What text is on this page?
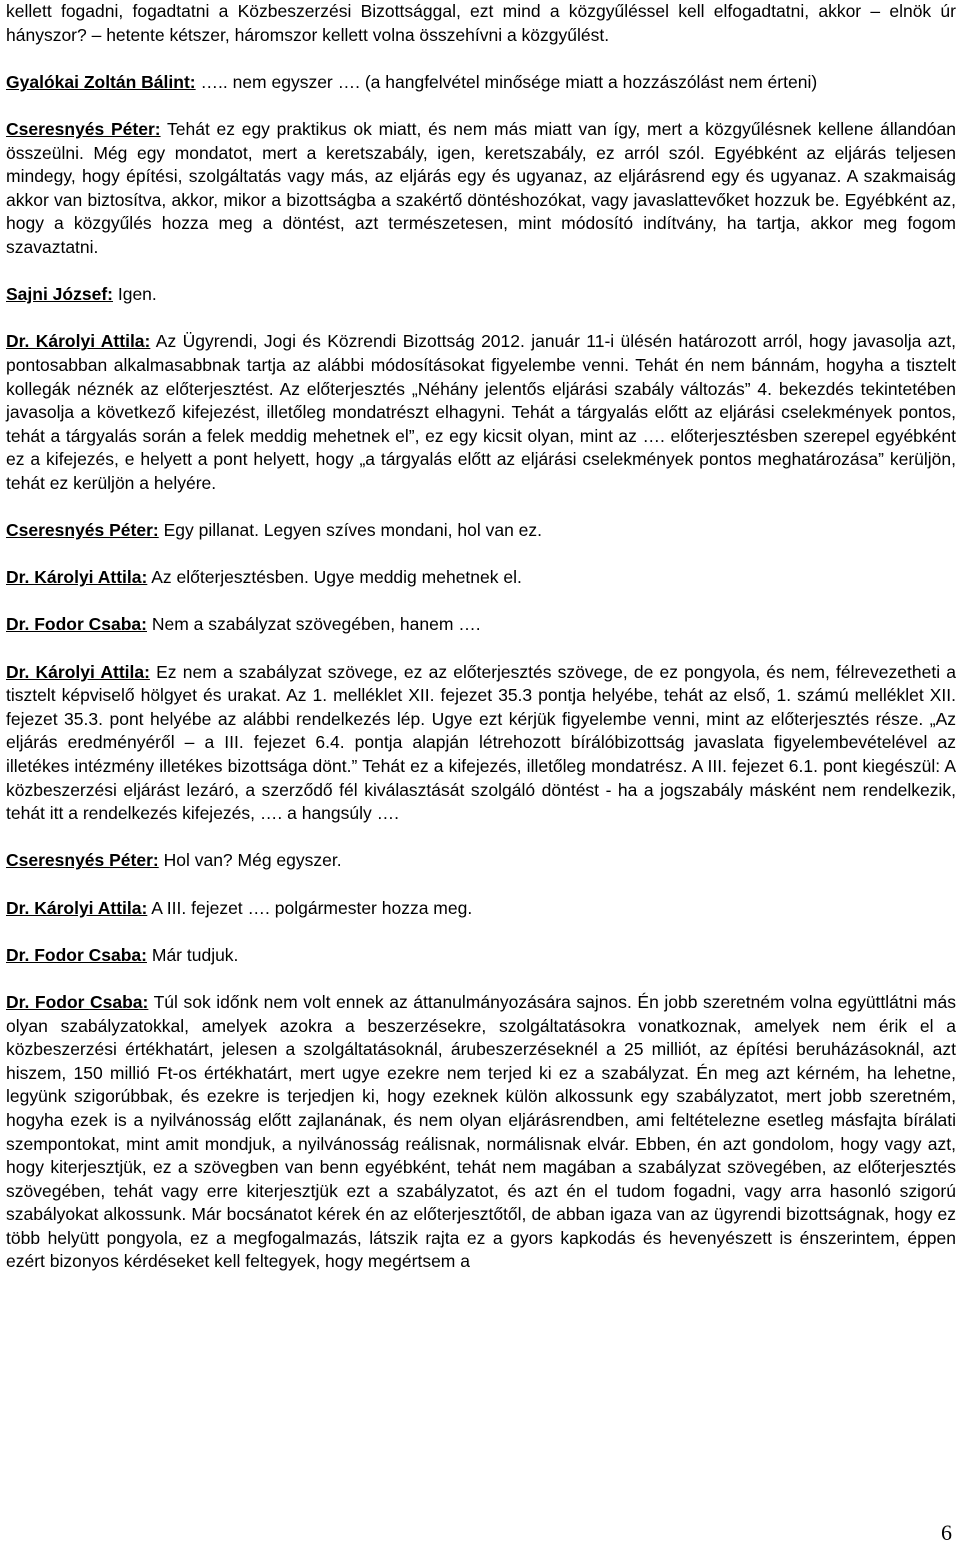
kellett fogadni, fogadtatni a Közbeszerzési Bizottsággal, ezt mind a közgyűléssel kell elfogadtatni, akkor – elnök úr hányszor? – hetente kétszer, háromszor kellett volna összehívni a közgyűlést.

Gyalókai Zoltán Bálint: ….. nem egyszer …. (a hangfelvétel minősége miatt a hozzászólást nem érteni)

Cseresnyés Péter: Tehát ez egy praktikus ok miatt, és nem más miatt van így, mert a közgyűlésnek kellene állandóan összeülni. Még egy mondatot, mert a keretszabály, igen, keretszabály, ez arról szól. Egyébként az eljárás teljesen mindegy, hogy építési, szolgáltatás vagy más, az eljárás egy és ugyanaz, az eljárásrend egy és ugyanaz. A szakmaiság akkor van biztosítva, akkor, mikor a bizottságba a szakértő döntéshozókat, vagy javaslattevőket hozzuk be. Egyébként az, hogy a közgyűlés hozza meg a döntést, azt természetesen, mint módosító indítvány, ha tartja, akkor meg fogom szavaztatni.

Sajni József: Igen.

Dr. Károlyi Attila: Az Ügyrendi, Jogi és Közrendi Bizottság 2012. január 11-i ülésén határozott arról, hogy javasolja azt, pontosabban alkalmasabbnak tartja az alábbi módosításokat figyelembe venni. Tehát én nem bánnám, hogyha a tisztelt kollegák néznék az előterjesztést. Az előterjesztés „Néhány jelentős eljárási szabály változás” 4. bekezdés tekintetében javasolja a következő kifejezést, illetőleg mondatrészt elhagyni. Tehát a tárgyalás előtt az eljárási cselekmények pontos, tehát a tárgyalás során a felek meddig mehetnek el”, ez egy kicsit olyan, mint az …. előterjesztésben szerepel egyébként ez a kifejezés, e helyett a pont helyett, hogy „a tárgyalás előtt az eljárási cselekmények pontos meghatározása” kerüljön, tehát ez kerüljön a helyére.

Cseresnyés Péter: Egy pillanat. Legyen szíves mondani, hol van ez.

Dr. Károlyi Attila: Az előterjesztésben. Ugye meddig mehetnek el.

Dr. Fodor Csaba: Nem a szabályzat szövegében, hanem ….

Dr. Károlyi Attila: Ez nem a szabályzat szövege, ez az előterjesztés szövege, de ez pongyola, és nem, félrevezetheti a tisztelt képviselő hölgyet és urakat. Az 1. melléklet XII. fejezet 35.3 pontja helyébe, tehát az első, 1. számú melléklet XII. fejezet 35.3. pont helyébe az alábbi rendelkezés lép. Ugye ezt kérjük figyelembe venni, mint az előterjesztés része. „Az eljárás eredményéről – a III. fejezet 6.4. pontja alapján létrehozott bírálóbizottság javaslata figyelembevételével az illetékes intézmény illetékes bizottsága dönt.” Tehát ez a kifejezés, illetőleg mondatrész. A III. fejezet 6.1. pont kiegészül: A közbeszerzési eljárást lezáró, a szerződő fél kiválasztását szolgáló döntést - ha a jogszabály másként nem rendelkezik, tehát itt a rendelkezés kifejezés, …. a hangsúly ….

Cseresnyés Péter: Hol van? Még egyszer.

Dr. Károlyi Attila: A III. fejezet …. polgármester hozza meg.

Dr. Fodor Csaba: Már tudjuk.

Dr. Fodor Csaba: Túl sok időnk nem volt ennek az áttanulmányozására sajnos. Én jobb szeretném volna együttlátni más olyan szabályzatokkal, amelyek azokra a beszerzésekre, szolgáltatásokra vonatkoznak, amelyek nem érik el a közbeszerzési értékhatárt, jelesen a szolgáltatásoknál, árubeszerzéseknél a 25 milliót, az építési beruházásoknál, azt hiszem, 150 millió Ft-os értékhatárt, mert ugye ezekre nem terjed ki ez a szabályzat. Én meg azt kérném, ha lehetne, legyünk szigorúbbak, és ezekre is terjedjen ki, hogy ezeknek külön alkossunk egy szabályzatot, mert jobb szeretném, hogyha ezek is a nyilvánosság előtt zajlanának, és nem olyan eljárásrendben, ami feltételezne esetleg másfajta bírálati szempontokat, mint amit mondjuk, a nyilvánosság reálisnak, normálisnak elvár. Ebben, én azt gondolom, hogy vagy azt, hogy kiterjesztjük, ez a szövegben van benn egyébként, tehát nem magában a szabályzat szövegében, az előterjesztés szövegében, tehát vagy erre kiterjesztjük ezt a szabályzatot, és azt én el tudom fogadni, vagy arra hasonló szigorú szabályokat alkossunk. Már bocsánatot kérek én az előterjesztőtől, de abban igaza van az ügyrendi bizottságnak, hogy ez több helyütt pongyola, ez a megfogalmazás, látszik rajta ez a gyors kapkodás és hevenyészett is énszerintem, éppen ezért bizonyos kérdéseket kell feltegyek, hogy megértsem a

6
